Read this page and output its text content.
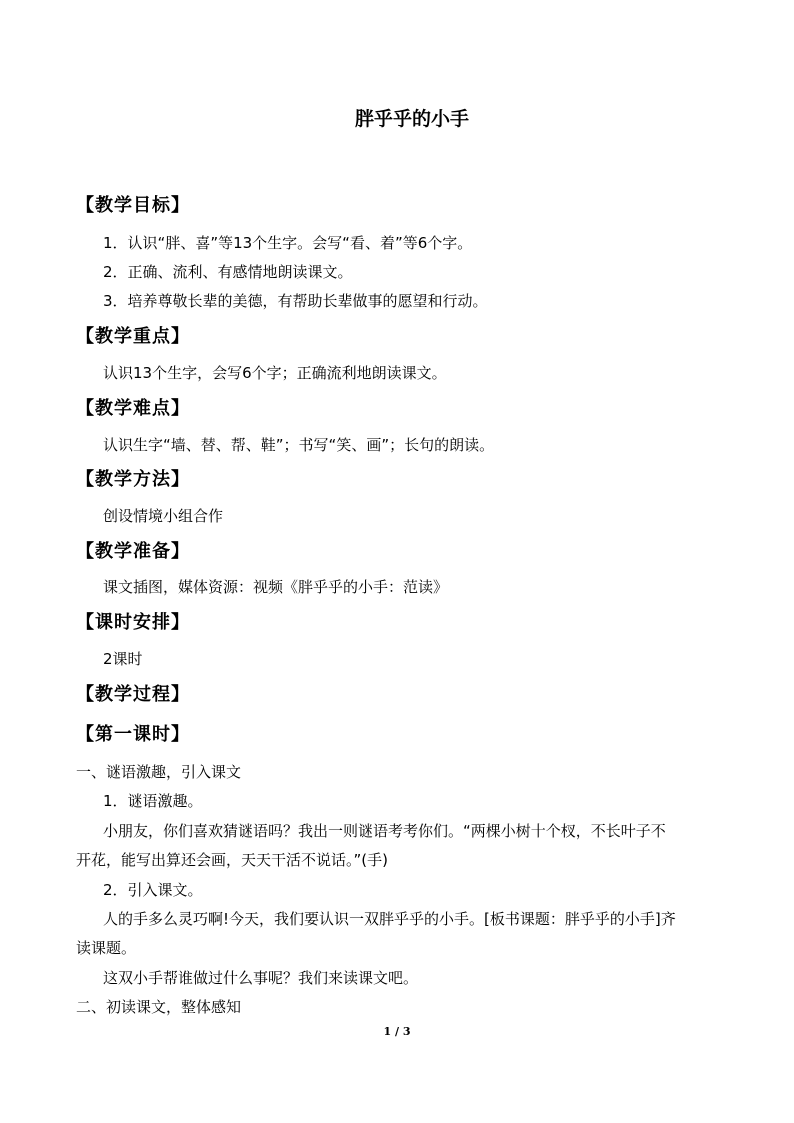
胖乎乎的小手
【教学目标】
1．认识“胖、喜”等13个生字。会写“看、着”等6个字。
2．正确、流利、有感情地朗读课文。
3．培养尊敬长辈的美德，有帮助长辈做事的愿望和行动。
【教学重点】
认识13个生字，会写6个字；正确流利地朗读课文。
【教学难点】
认识生字“墙、替、帮、鞋”；书写“笑、画”；长句的朗读。
【教学方法】
创设情境小组合作
【教学准备】
课文插图，媒体资源：视频《胖乎乎的小手：范读》
【课时安排】
2课时
【教学过程】
【第一课时】
一、谜语激趣，引入课文
1．谜语激趣。
小朋友，你们喜欢猜谜语吗？我出一则谜语考考你们。“两棵小树十个杈，不长叶子不
开花，能写出算还会画，天天干活不说话。”(手)
2．引入课文。
人的手多么灵巧啊!今天，我们要认识一双胖乎乎的小手。[板书课题：胖乎乎的小手]齐
读课题。
这双小手帮谁做过什么事呢？我们来读课文吧。
二、初读课文，整体感知
1 / 3
